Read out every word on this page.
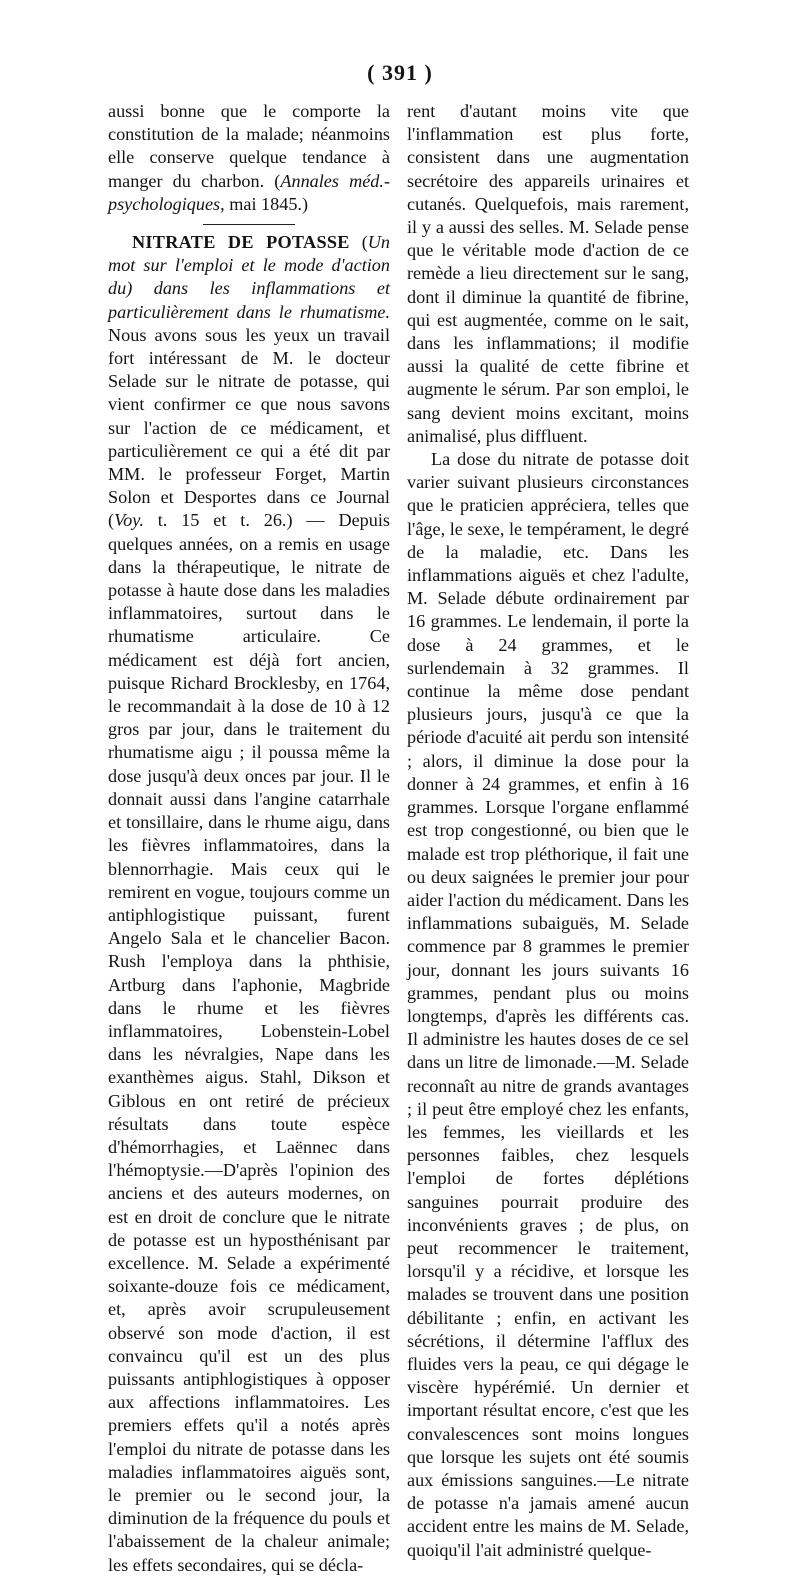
( 391 )

aussi bonne que le comporte la constitution de la malade; néanmoins elle conserve quelque tendance à manger du charbon. (Annales méd.-psychologiques, mai 1845.)

NITRATE DE POTASSE (Un mot sur l'emploi et le mode d'action du) dans les inflammations et particulièrement dans le rhumatisme. Nous avons sous les yeux un travail fort intéressant de M. le docteur Selade sur le nitrate de potasse, qui vient confirmer ce que nous savons sur l'action de ce médicament, et particulièrement ce qui a été dit par MM. le professeur Forget, Martin Solon et Desportes dans ce Journal (Voy. t. 15 et t. 26.) — Depuis quelques années, on a remis en usage dans la thérapeutique, le nitrate de potasse à haute dose dans les maladies inflammatoires, surtout dans le rhumatisme articulaire. Ce médicament est déjà fort ancien, puisque Richard Brocklesby, en 1764, le recommandait à la dose de 10 à 12 gros par jour, dans le traitement du rhumatisme aigu ; il poussa même la dose jusqu'à deux onces par jour. Il le donnait aussi dans l'angine catarrhale et tonsillaire, dans le rhume aigu, dans les fièvres inflammatoires, dans la blennorrhagie. Mais ceux qui le remirent en vogue, toujours comme un antiphlogistique puissant, furent Angelo Sala et le chancelier Bacon. Rush l'employa dans la phthisie, Artburg dans l'aphonie, Magbride dans le rhume et les fièvres inflammatoires, Lobenstein-Lobel dans les névralgies, Nape dans les exanthèmes aigus. Stahl, Dikson et Giblous en ont retiré de précieux résultats dans toute espèce d'hémorrhagies, et Laënnec dans l'hémoptysie.—D'après l'opinion des anciens et des auteurs modernes, on est en droit de conclure que le nitrate de potasse est un hyposthénisant par excellence. M. Selade a expérimenté soixante-douze fois ce médicament, et, après avoir scrupuleusement observé son mode d'action, il est convaincu qu'il est un des plus puissants antiphlogistiques à opposer aux affections inflammatoires. Les premiers effets qu'il a notés après l'emploi du nitrate de potasse dans les maladies inflammatoires aiguës sont, le premier ou le second jour, la diminution de la fréquence du pouls et l'abaissement de la chaleur animale; les effets secondaires, qui se décla-

rent d'autant moins vite que l'inflammation est plus forte, consistent dans une augmentation secrétoire des appareils urinaires et cutanés. Quelquefois, mais rarement, il y a aussi des selles. M. Selade pense que le véritable mode d'action de ce remède a lieu directement sur le sang, dont il diminue la quantité de fibrine, qui est augmentée, comme on le sait, dans les inflammations; il modifie aussi la qualité de cette fibrine et augmente le sérum. Par son emploi, le sang devient moins excitant, moins animalisé, plus diffluent.

La dose du nitrate de potasse doit varier suivant plusieurs circonstances que le praticien appréciera, telles que l'âge, le sexe, le tempérament, le degré de la maladie, etc. Dans les inflammations aiguës et chez l'adulte, M. Selade débute ordinairement par 16 grammes. Le lendemain, il porte la dose à 24 grammes, et le surlendemain à 32 grammes. Il continue la même dose pendant plusieurs jours, jusqu'à ce que la période d'acuité ait perdu son intensité ; alors, il diminue la dose pour la donner à 24 grammes, et enfin à 16 grammes. Lorsque l'organe enflammé est trop congestionné, ou bien que le malade est trop pléthorique, il fait une ou deux saignées le premier jour pour aider l'action du médicament. Dans les inflammations subaiguës, M. Selade commence par 8 grammes le premier jour, donnant les jours suivants 16 grammes, pendant plus ou moins longtemps, d'après les différents cas. Il administre les hautes doses de ce sel dans un litre de limonade.—M. Selade reconnaît au nitre de grands avantages ; il peut être employé chez les enfants, les femmes, les vieillards et les personnes faibles, chez lesquels l'emploi de fortes déplétions sanguines pourrait produire des inconvénients graves ; de plus, on peut recommencer le traitement, lorsqu'il y a récidive, et lorsque les malades se trouvent dans une position débilitante ; enfin, en activant les sécrétions, il détermine l'afflux des fluides vers la peau, ce qui dégage le viscère hypérémié. Un dernier et important résultat encore, c'est que les convalescences sont moins longues que lorsque les sujets ont été soumis aux émissions sanguines.—Le nitrate de potasse n'a jamais amené aucun accident entre les mains de M. Selade, quoiqu'il l'ait administré quelque-
